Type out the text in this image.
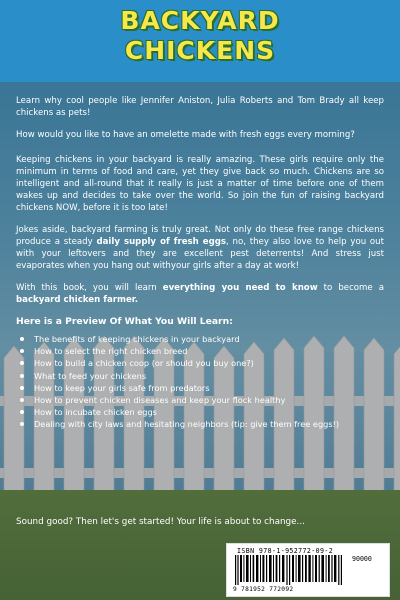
BACKYARD
CHICKENS

Learn why cool people like Jennifer Aniston, Julia Roberts and Tom Brady all keep chickens as pets!

How would you like to have an omelette made with fresh eggs every morning?

Keeping chickens in your backyard is really amazing. These girls require only the minimum in terms of food and care, yet they give back so much. Chickens are so intelligent and all-round that it really is just a matter of time before one of them wakes up and decides to take over the world. So join the fun of raising backyard chickens NOW, before it is too late!

Jokes aside, backyard farming is truly great. Not only do these free range chickens produce a steady daily supply of fresh eggs, no, they also love to help you out with your leftovers and they are excellent pest deterrents! And stress just evaporates when you hang out withyour girls after a day at work!

With this book, you will learn everything you need to know to become a backyard chicken farmer.

Here is a Preview Of What You Will Learn:
The benefits of keeping chickens in your backyard
How to select the right chicken breed
How to build a chicken coop (or should you buy one?)
What to feed your chickens
How to keep your girls safe from predators
How to prevent chicken diseases and keep your flock healthy
How to incubate chicken eggs
Dealing with city laws and hesitating neighbors (tip: give them free eggs!)
Sound good? Then let's get started! Your life is about to change...
ISBN 978-1-952772-09-2
90000
9 781952 772092
